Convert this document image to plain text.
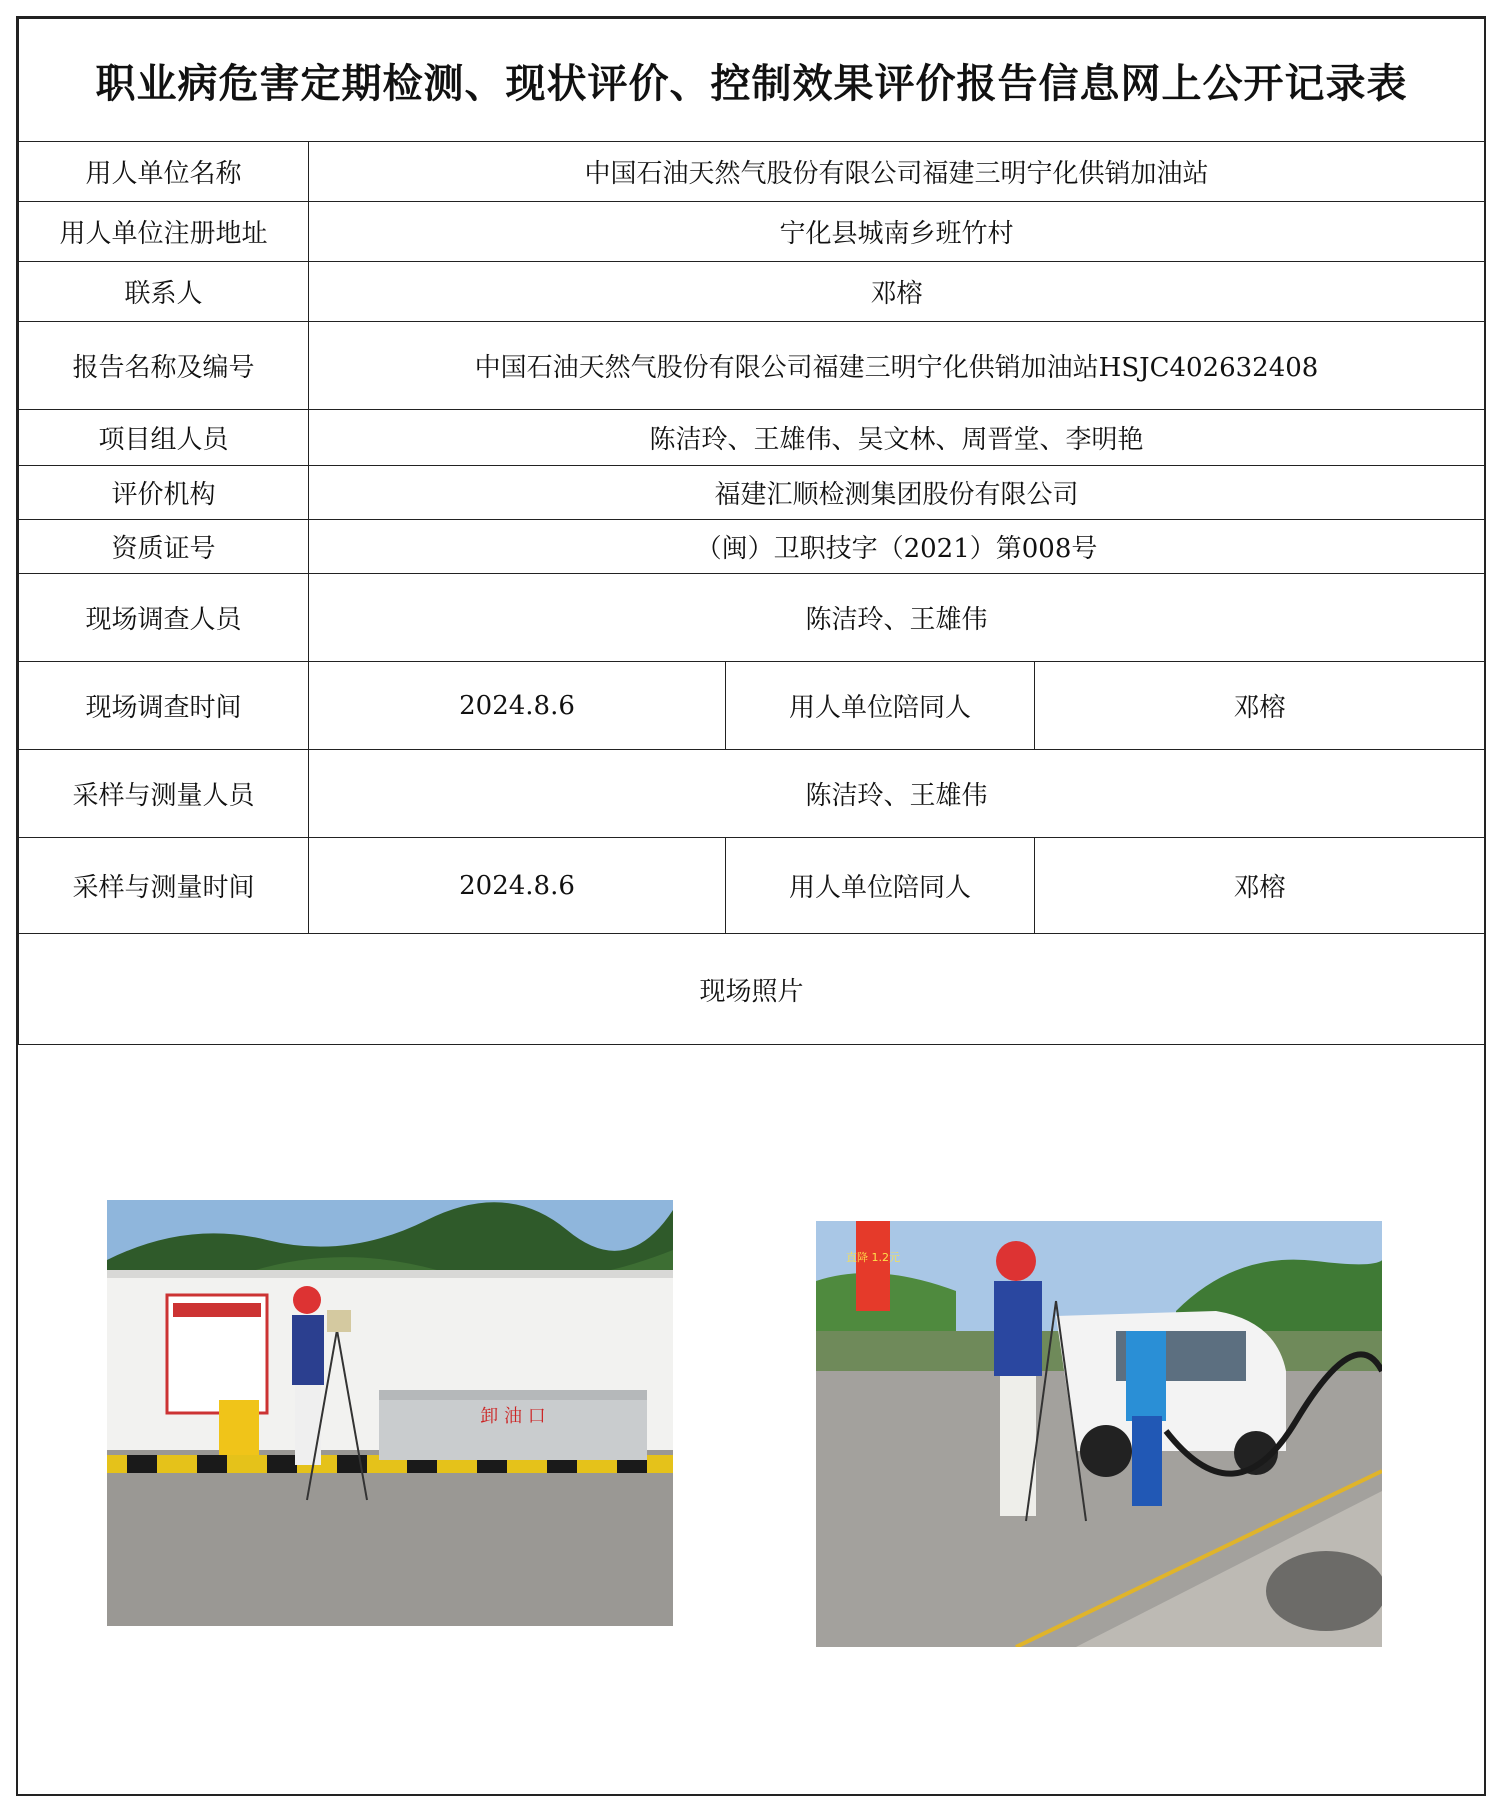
职业病危害定期检测、现状评价、控制效果评价报告信息网上公开记录表			
用人单位名称	中国石油天然气股份有限公司福建三明宁化供销加油站		
用人单位注册地址	宁化县城南乡班竹村		
联系人	邓榕		
报告名称及编号	中国石油天然气股份有限公司福建三明宁化供销加油站HSJC402632408		
项目组人员	陈洁玲、王雄伟、吴文林、周晋堂、李明艳		
评价机构	福建汇顺检测集团股份有限公司		
资质证号	（闽）卫职技字（2021）第008号		
现场调查人员	陈洁玲、王雄伟		
现场调查时间	2024.8.6	用人单位陪同人	邓榕
采样与测量人员	陈洁玲、王雄伟		
采样与测量时间	2024.8.6	用人单位陪同人	邓榕
现场照片			
卸 油 口
直降 1.2元
